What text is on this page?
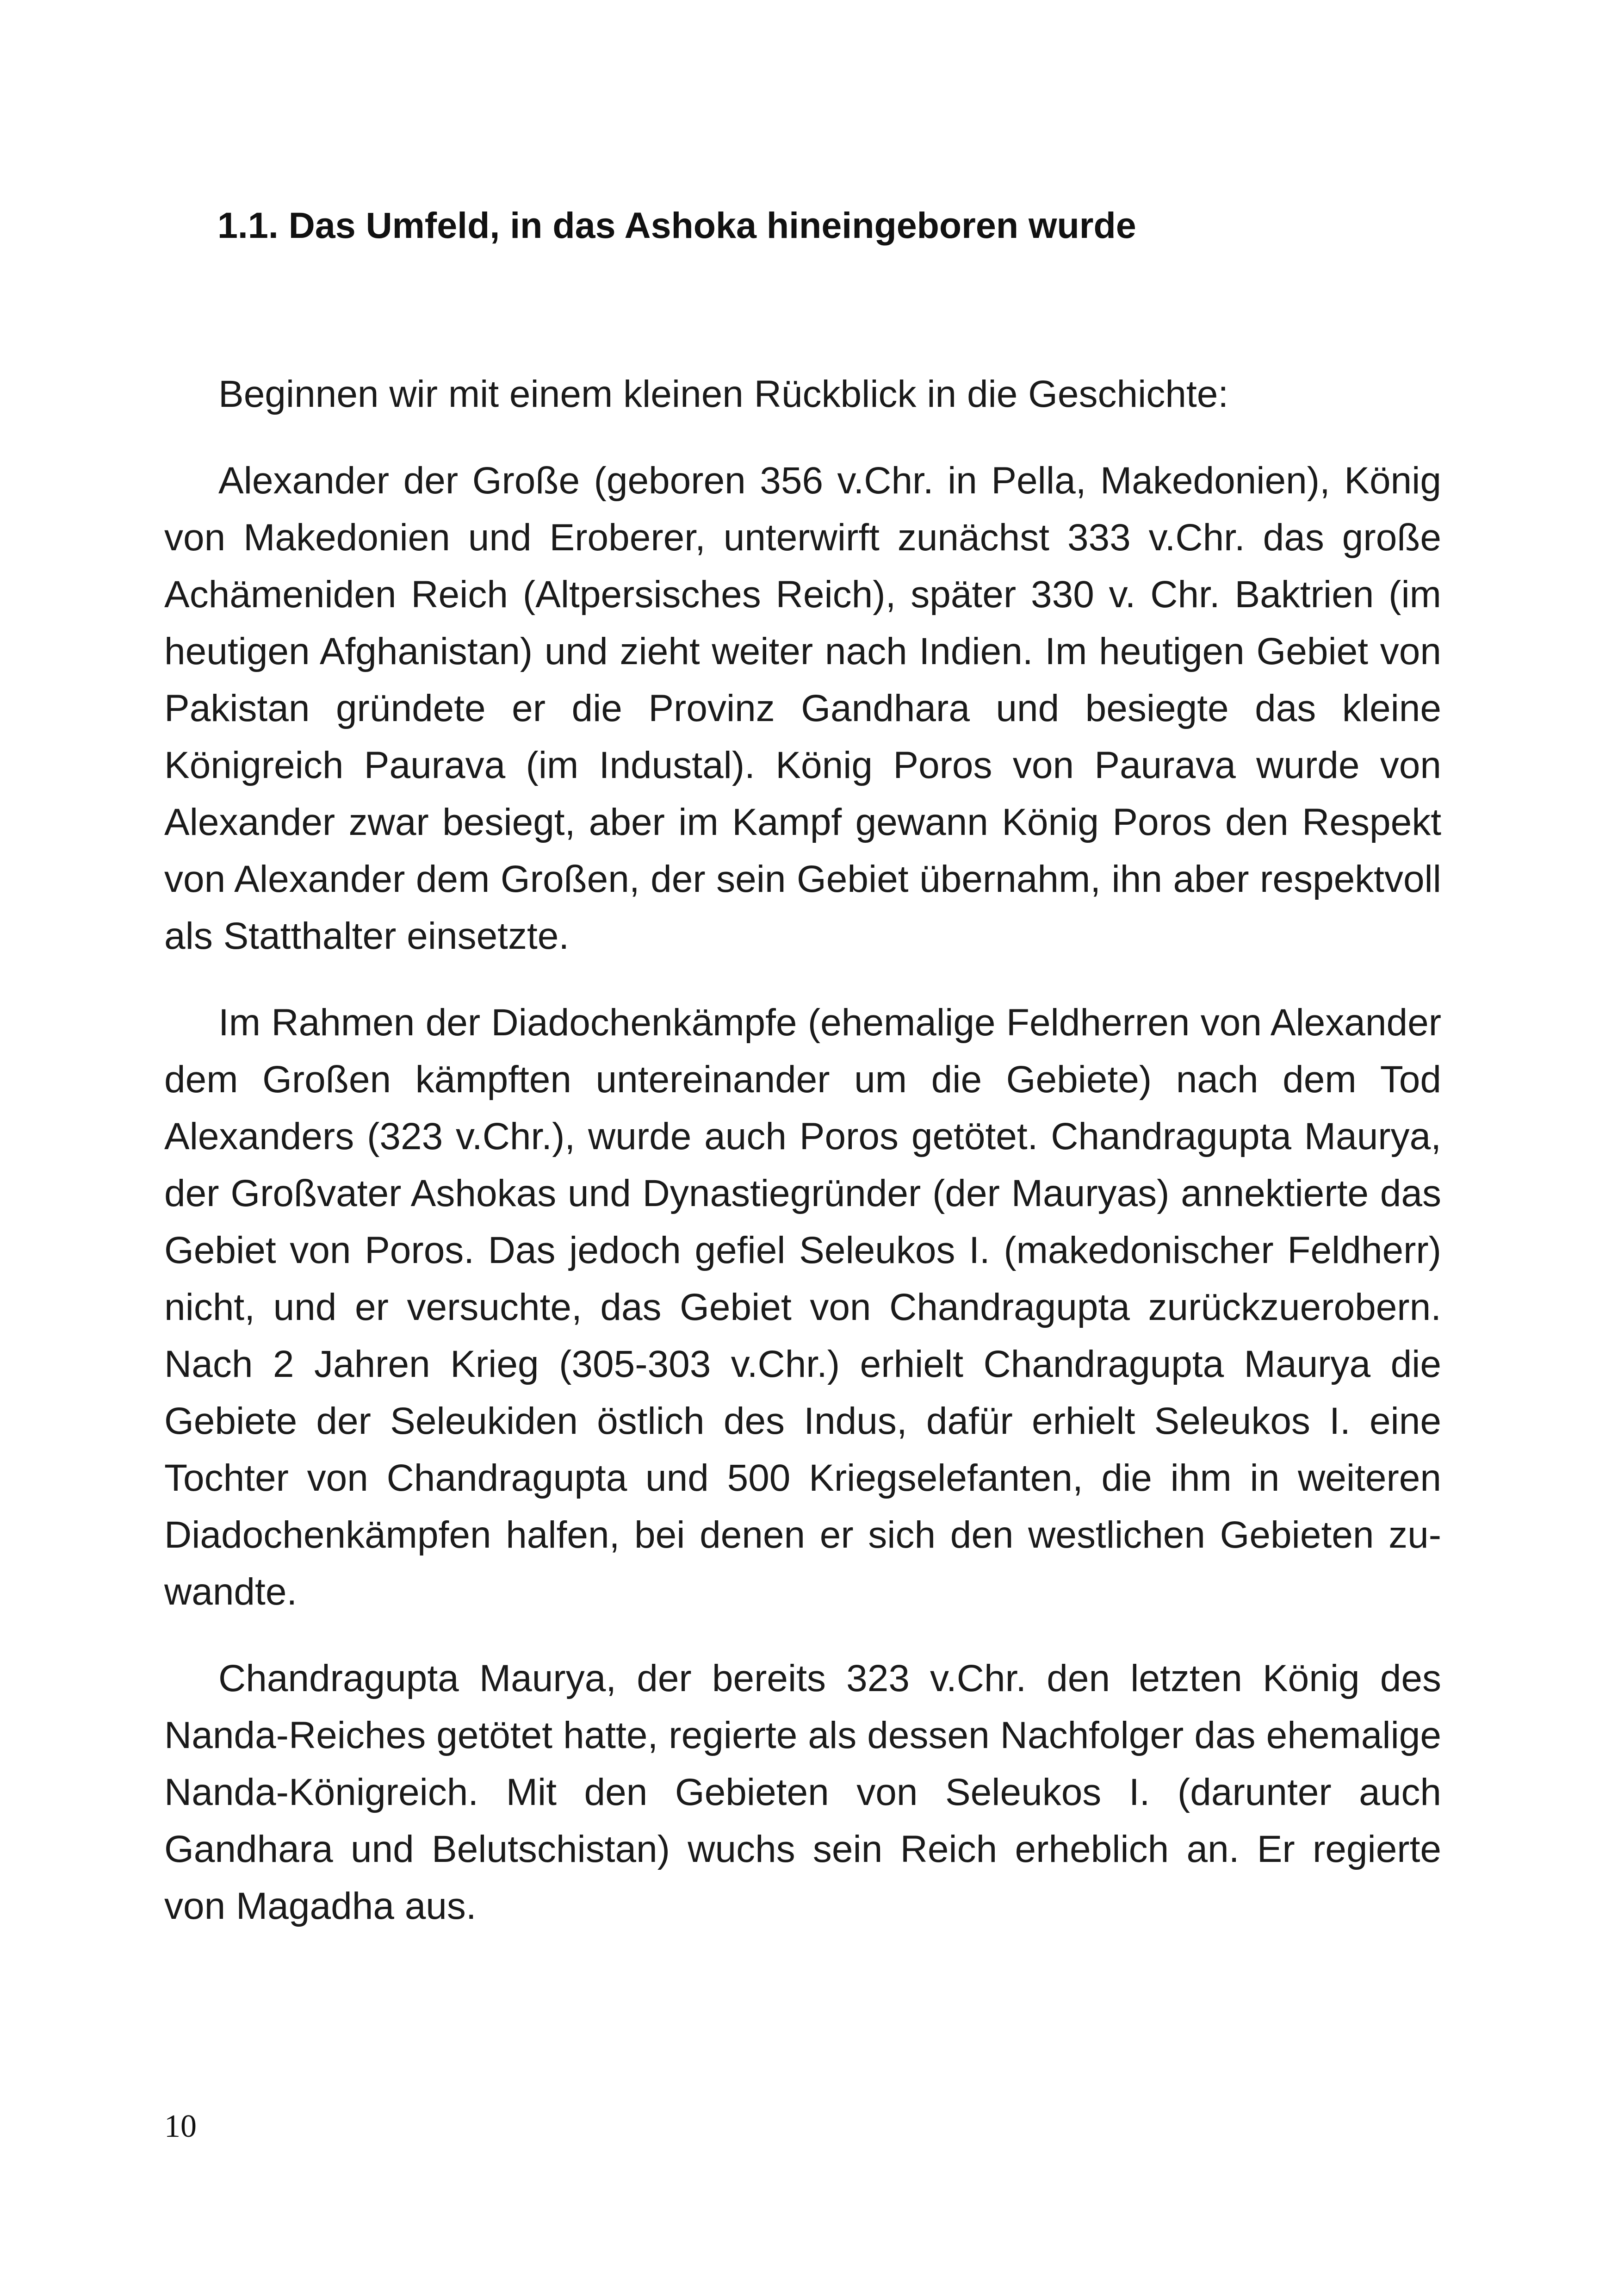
1.1. Das Umfeld, in das Ashoka hineingeboren wurde

Beginnen wir mit einem kleinen Rückblick in die Geschichte:

Alexander der Große (geboren 356 v.Chr. in Pella, Makedonien), König von Makedonien und Eroberer, unterwirft zunächst 333 v.Chr. das große Achämeniden Reich (Altpersisches Reich), später 330 v. Chr. Baktrien (im heutigen Afghanistan) und zieht weiter nach Indien. Im heutigen Gebiet von Pakistan gründete er die Provinz Gandhara und besiegte das kleine Königreich Paurava (im Industal). König Poros von Paurava wurde von Alexander zwar besiegt, aber im Kampf gewann König Poros den Respekt von Alexander dem Großen, der sein Gebiet übernahm, ihn aber respektvoll als Statthalter einsetzte.

Im Rahmen der Diadochenkämpfe (ehemalige Feldherren von Alexander dem Großen kämpften untereinander um die Gebiete) nach dem Tod Alexanders (323 v.Chr.), wurde auch Poros getötet. Chandragupta Maurya, der Großvater Ashokas und Dynastiegründer (der Mauryas) annektierte das Gebiet von Poros. Das jedoch gefiel Seleukos I. (makedonischer Feldherr) nicht, und er versuchte, das Gebiet von Chandragupta zurückzuerobern. Nach 2 Jahren Krieg (305-303 v.Chr.) erhielt Chandragupta Maurya die Gebiete der Seleukiden östlich des Indus, dafür erhielt Seleukos I. eine Tochter von Chandragupta und 500 Kriegselefanten, die ihm in weiteren Diadochenkämpfen halfen, bei denen er sich den westlichen Gebieten zuwandte.

Chandragupta Maurya, der bereits 323 v.Chr. den letzten König des Nanda-Reiches getötet hatte, regierte als dessen Nachfolger das ehemalige Nanda-Königreich. Mit den Gebieten von Seleukos I. (darunter auch Gandhara und Belutschistan) wuchs sein Reich erheblich an. Er regierte von Magadha aus.

10
